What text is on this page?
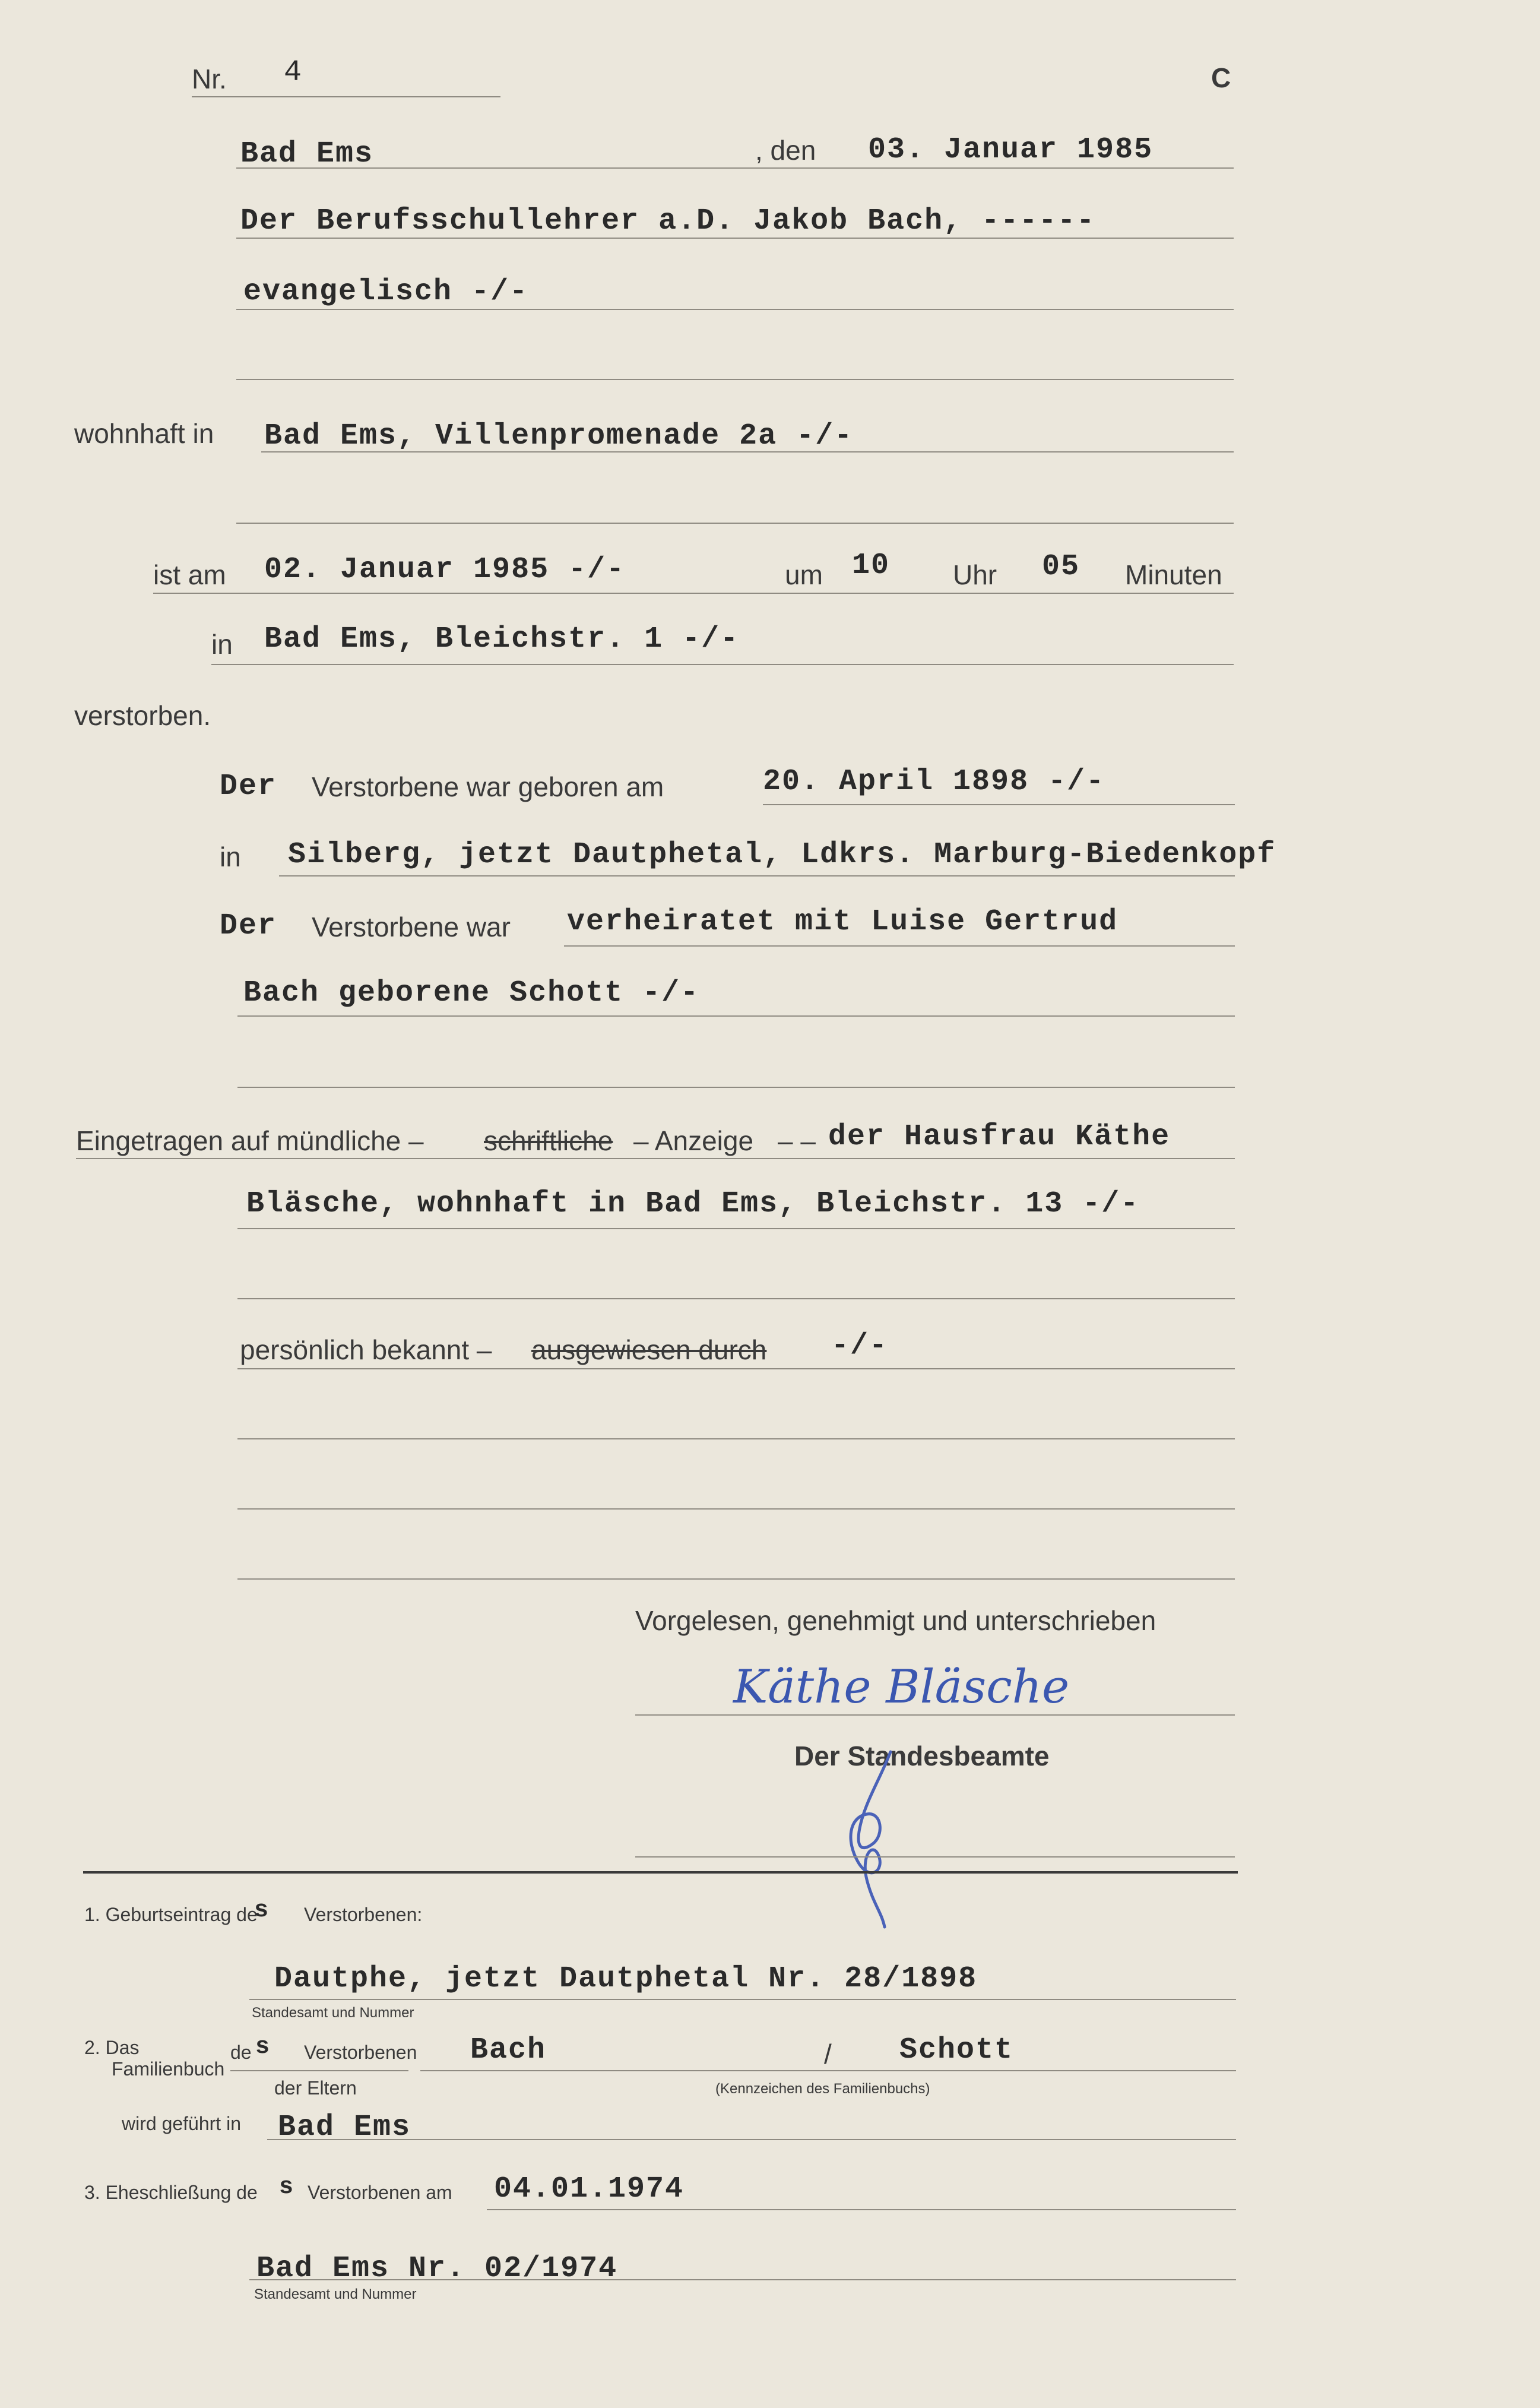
Nr. 4	C
Bad Ems	, den 03. Januar 1985
Der Berufsschullehrer a.D. Jakob Bach, ------
evangelisch -/-
wohnhaft in Bad Ems, Villenpromenade 2a -/-
ist am 02. Januar 1985 -/-	um 10 Uhr 05 Minuten
in Bad Ems, Bleichstr. 1 -/-
verstorben.
Der Verstorbene war geboren am	20. April 1898 -/-
in Silberg, jetzt Dautphetal, Ldkrs. Marburg-Biedenkopf
Der Verstorbene war verheiratet mit Luise Gertrud
Bach geborene Schott -/-
Eingetragen auf mündliche – schriftliche – Anzeige – – der Hausfrau Käthe
Bläsche, wohnhaft in Bad Ems, Bleichstr. 13 -/-
persönlich bekannt – ausgewiesen durch -/-
Vorgelesen, genehmigt und unterschrieben
Käthe Bläsche
Der Standesbeamte
1. Geburtseintrag de
s Verstorbenen:
Dautphe, jetzt Dautphetal Nr. 28/1898
Standesamt und Nummer
2. Das
Familienbuch
de s Verstorbenen
der Eltern
Bach	/ Schott
(Kennzeichen des Familienbuchs)
wird geführt in Bad Ems
3. Eheschließung de s Verstorbenen am 04.01.1974
Bad Ems Nr. 02/1974
Standesamt und Nummer
